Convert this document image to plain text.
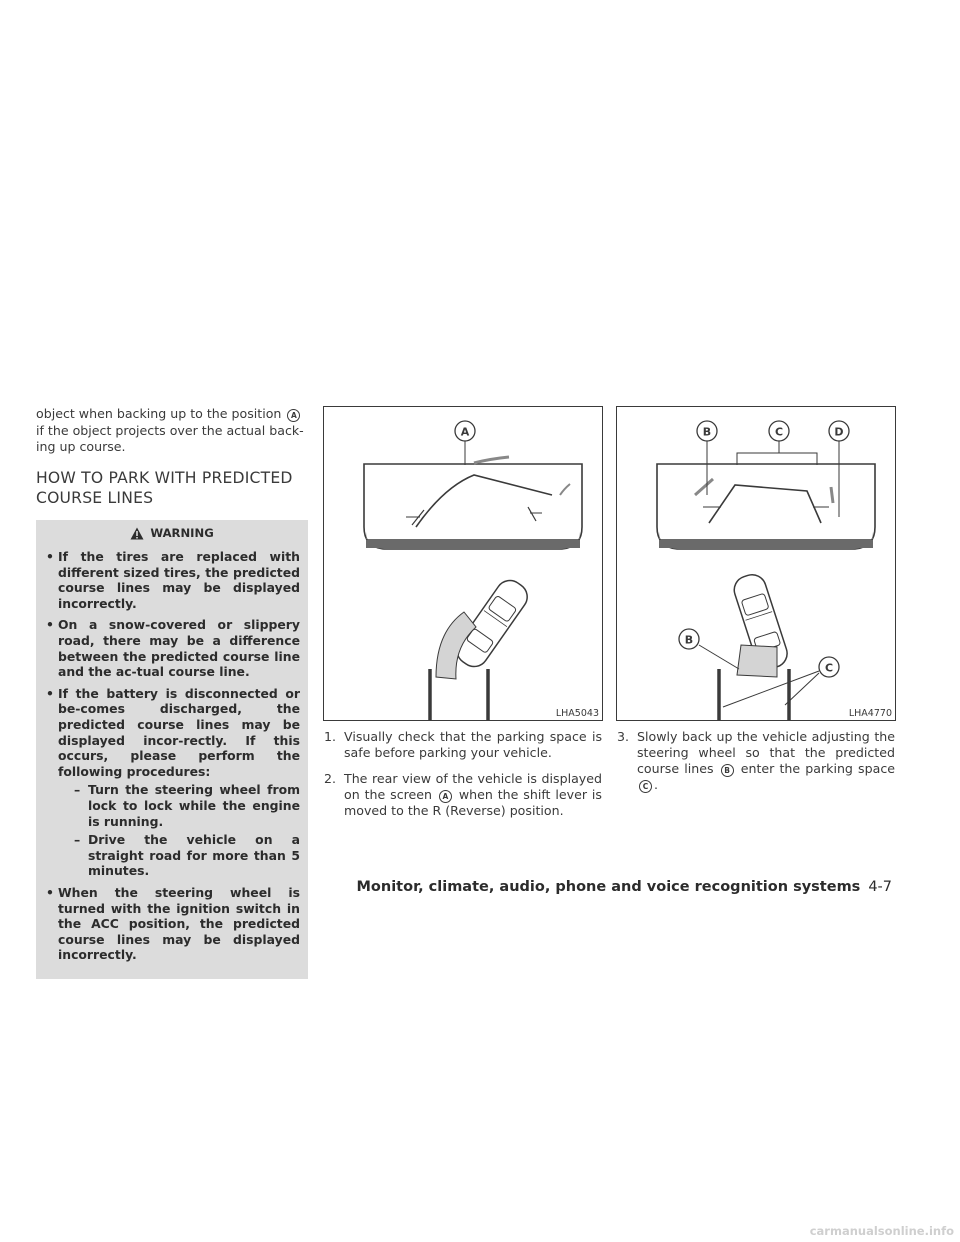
object when backing up to the position A if the object projects over the actual back-ing up course.

HOW TO PARK WITH PREDICTED COURSE LINES
WARNING
• If the tires are replaced with different sized tires, the predicted course lines may be displayed incorrectly.
• On a snow-covered or slippery road, there may be a difference between the predicted course line and the ac-tual course line.
• If the battery is disconnected or be-comes discharged, the predicted course lines may be displayed incor-rectly. If this occurs, please perform the following procedures:
– Turn the steering wheel from lock to lock while the engine is running.
– Drive the vehicle on a straight road for more than 5 minutes.
• When the steering wheel is turned with the ignition switch in the ACC position, the predicted course lines may be displayed incorrectly.
A
LHA5043
B	C	D
B
C
LHA4770
1. Visually check that the parking space is safe before parking your vehicle.
2. The rear view of the vehicle is displayed on the screen A when the shift lever is moved to the R (Reverse) position.
3. Slowly back up the vehicle adjusting the steering wheel so that the predicted course lines B enter the parking space C .
Monitor, climate, audio, phone and voice recognition systems 4-7
carmanualsonline.info
